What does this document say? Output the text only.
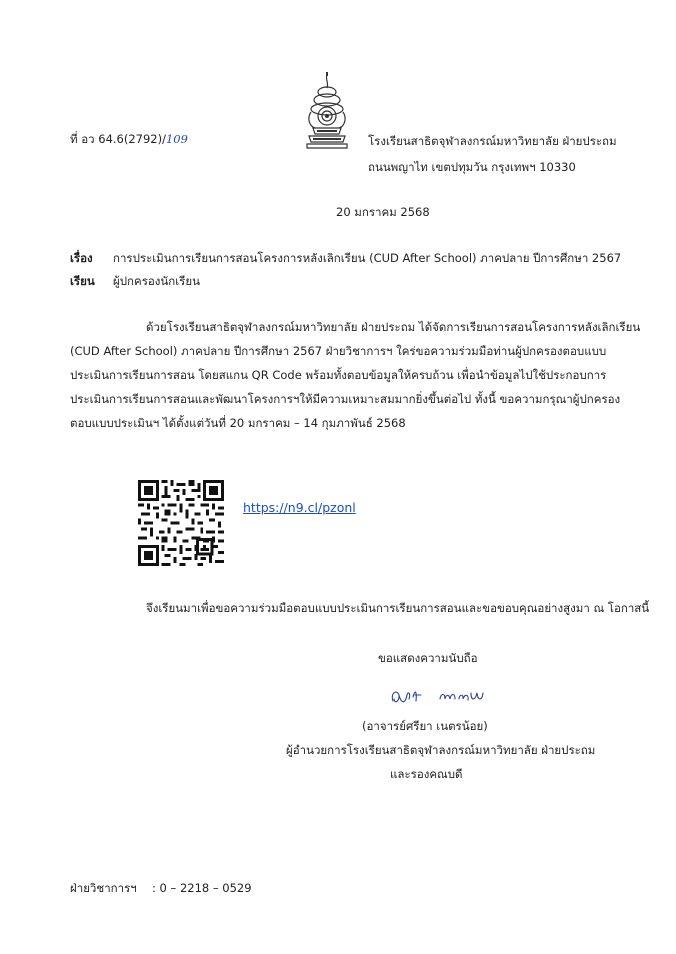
ที่ อว 64.6(2792)/109	โรงเรียนสาธิตจุฬาลงกรณ์มหาวิทยาลัย ฝ่ายประถม
ถนนพญาไท เขตปทุมวัน กรุงเทพฯ 10330
20 มกราคม 2568
เรื่อง การประเมินการเรียนการสอนโครงการหลังเลิกเรียน (CUD After School) ภาคปลาย ปีการศึกษา 2567
เรียน ผู้ปกครองนักเรียน
ด้วยโรงเรียนสาธิตจุฬาลงกรณ์มหาวิทยาลัย ฝ่ายประถม ได้จัดการเรียนการสอนโครงการหลังเลิกเรียน
(CUD After School) ภาคปลาย ปีการศึกษา 2567 ฝ่ายวิชาการฯ ใคร่ขอความร่วมมือท่านผู้ปกครองตอบแบบ
ประเมินการเรียนการสอน โดยสแกน QR Code พร้อมทั้งตอบข้อมูลให้ครบถ้วน เพื่อนำข้อมูลไปใช้ประกอบการ
ประเมินการเรียนการสอนและพัฒนาโครงการฯให้มีความเหมาะสมมากยิ่งขึ้นต่อไป ทั้งนี้ ขอความกรุณาผู้ปกครอง
ตอบแบบประเมินฯ ได้ตั้งแต่วันที่ 20 มกราคม – 14 กุมภาพันธ์ 2568
https://n9.cl/pzonl
จึงเรียนมาเพื่อขอความร่วมมือตอบแบบประเมินการเรียนการสอนและขอขอบคุณอย่างสูงมา ณ โอกาสนี้
ขอแสดงความนับถือ
(อาจารย์ศรียา เนตรน้อย)
ผู้อำนวยการโรงเรียนสาธิตจุฬาลงกรณ์มหาวิทยาลัย ฝ่ายประถม
และรองคณบดี
ฝ่ายวิชาการฯ : 0 – 2218 – 0529
